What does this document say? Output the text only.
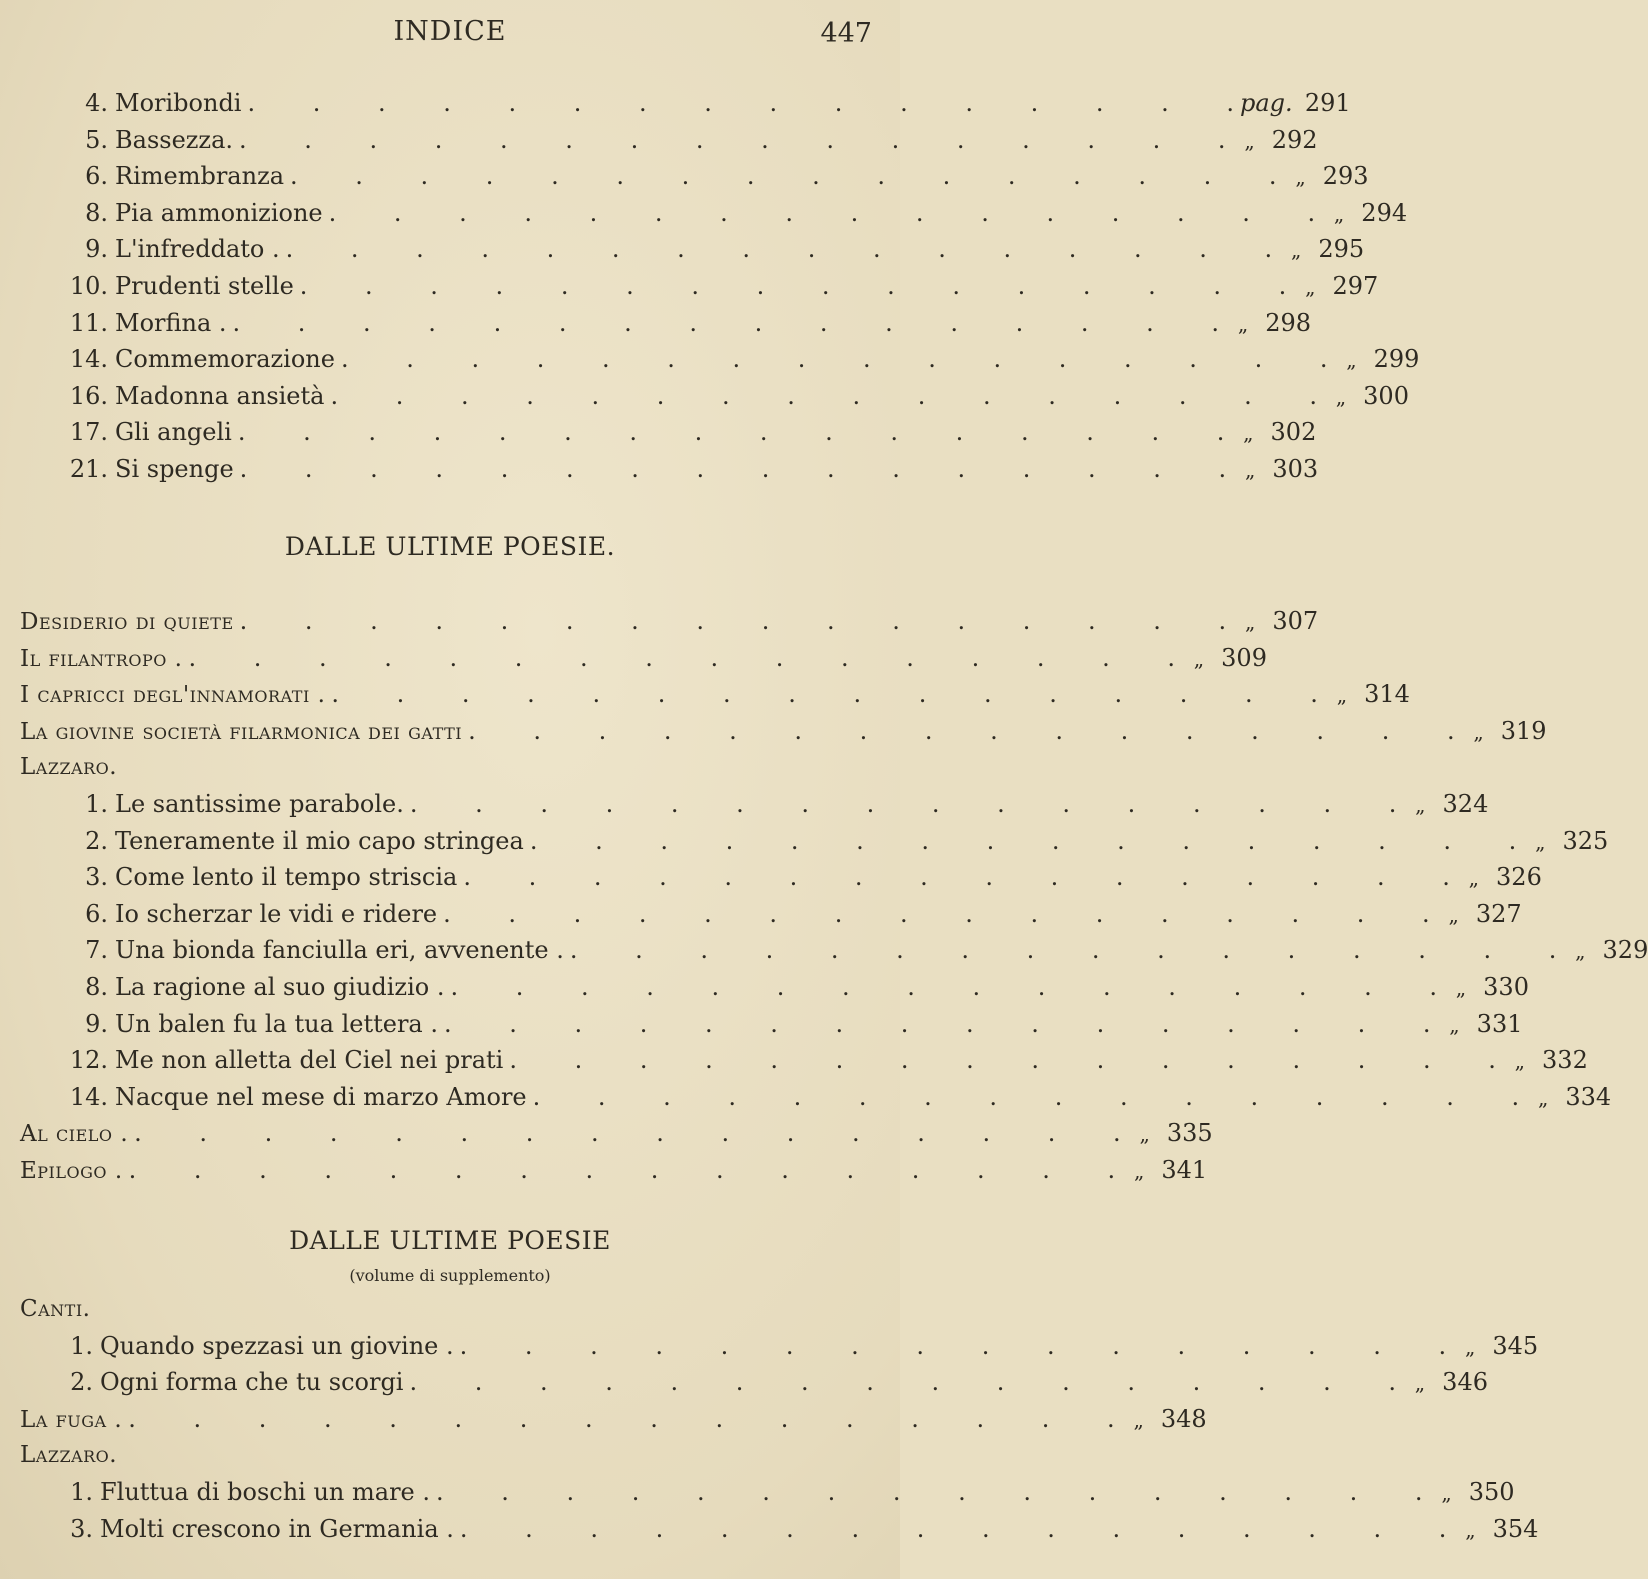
INDICE	447
4. Moribondi . . . . . . . . . . . . . . . . pag. 291
5. Bassezza. . . . . . . . . . . . . . . . . „ 292
6. Rimembranza . . . . . . . . . . . . . . . . „ 293
8. Pia ammonizione . . . . . . . . . . . . . . . . „ 294
9. L'infreddato . . . . . . . . . . . . . . . . . „ 295
10. Prudenti stelle . . . . . . . . . . . . . . . . „ 297
11. Morfina . . . . . . . . . . . . . . . . . „ 298
14. Commemorazione . . . . . . . . . . . . . . . . „ 299
16. Madonna ansietà . . . . . . . . . . . . . . . . „ 300
17. Gli angeli . . . . . . . . . . . . . . . . „ 302
21. Si spenge . . . . . . . . . . . . . . . . „ 303
DALLE ULTIME POESIE.
Desiderio di quiete . . . . . . . . . . . . . . . . „ 307
Il filantropo . . . . . . . . . . . . . . . . . „ 309
I capricci degl'innamorati . . . . . . . . . . . . . . . . . „ 314
La giovine società filarmonica dei gatti . . . . . . . . . . . . . . . . „ 319
Lazzaro.
1. Le santissime parabole. . . . . . . . . . . . . . . . . „ 324
2. Teneramente il mio capo stringea . . . . . . . . . . . . . . . . „ 325
3. Come lento il tempo striscia . . . . . . . . . . . . . . . . „ 326
6. Io scherzar le vidi e ridere . . . . . . . . . . . . . . . . „ 327
7. Una bionda fanciulla eri, avvenente . . . . . . . . . . . . . . . . . „ 329
8. La ragione al suo giudizio . . . . . . . . . . . . . . . . . „ 330
9. Un balen fu la tua lettera . . . . . . . . . . . . . . . . . „ 331
12. Me non alletta del Ciel nei prati . . . . . . . . . . . . . . . . „ 332
14. Nacque nel mese di marzo Amore . . . . . . . . . . . . . . . . „ 334
Al cielo . . . . . . . . . . . . . . . . . „ 335
Epilogo . . . . . . . . . . . . . . . . . „ 341
DALLE ULTIME POESIE
(volume di supplemento)
Canti.
1. Quando spezzasi un giovine . . . . . . . . . . . . . . . . . „ 345
2. Ogni forma che tu scorgi . . . . . . . . . . . . . . . . „ 346
La fuga . . . . . . . . . . . . . . . . . „ 348
Lazzaro.
1. Fluttua di boschi un mare . . . . . . . . . . . . . . . . . „ 350
3. Molti crescono in Germania . . . . . . . . . . . . . . . . . „ 354
